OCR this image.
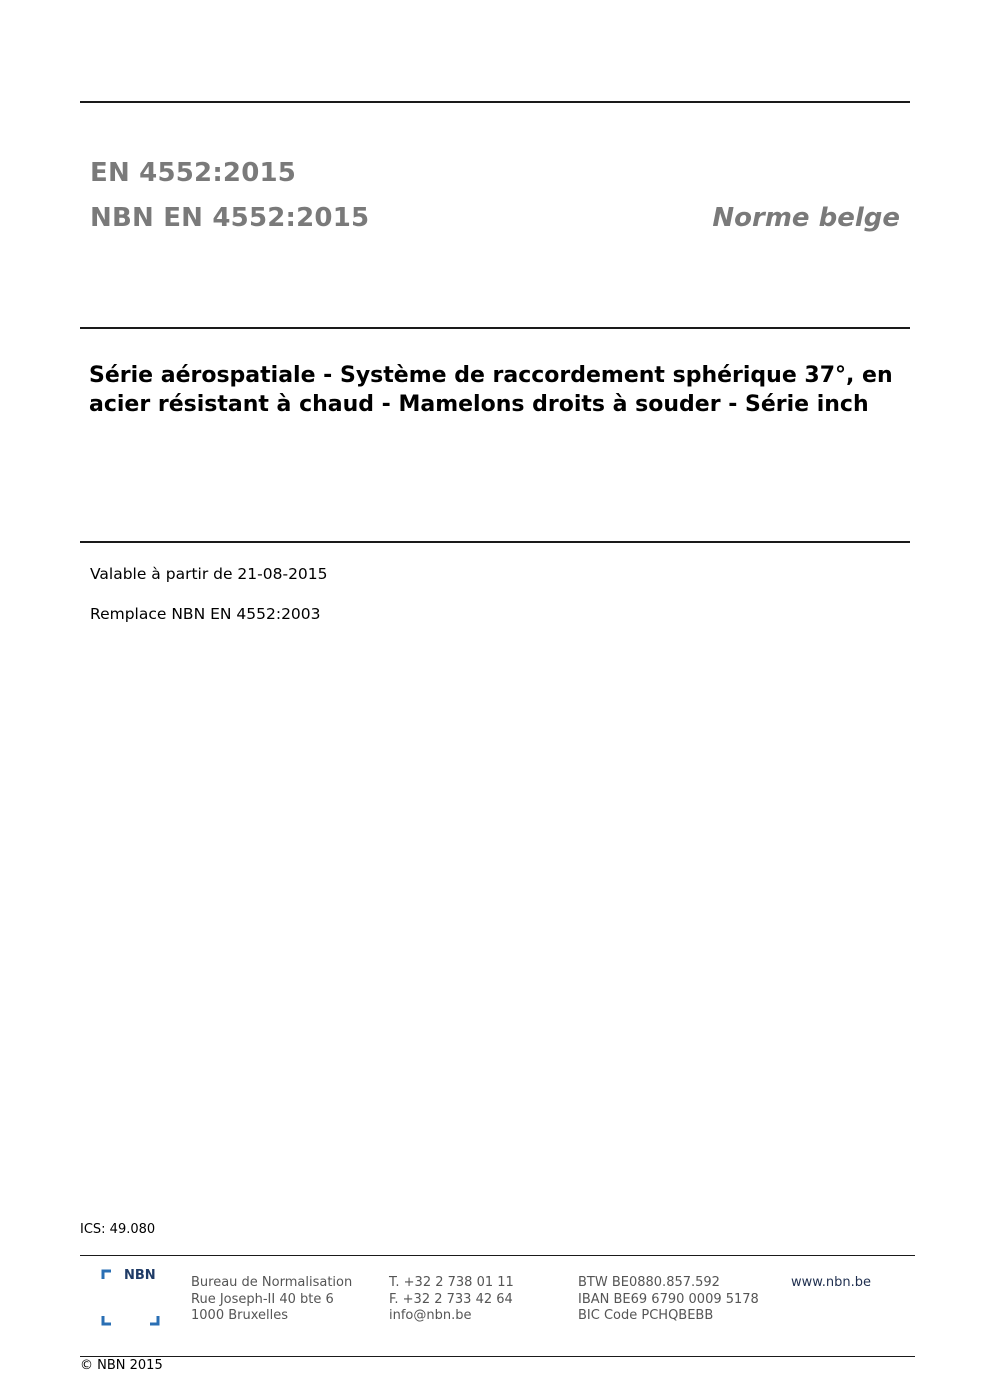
EN 4552:2015
NBN EN 4552:2015	Norme belge
Série aérospatiale - Système de raccordement sphérique 37°, en acier résistant à chaud - Mamelons droits à souder - Série inch
Valable à partir de 21-08-2015
Remplace NBN EN 4552:2003
ICS: 49.080
NBN	Bureau de Normalisation
Rue Joseph-II 40 bte 6
1000 Bruxelles
T. +32 2 738 01 11
F. +32 2 733 42 64
info@nbn.be
BTW BE0880.857.592
IBAN BE69 6790 0009 5178
BIC Code PCHQBEBB
www.nbn.be
© NBN 2015
